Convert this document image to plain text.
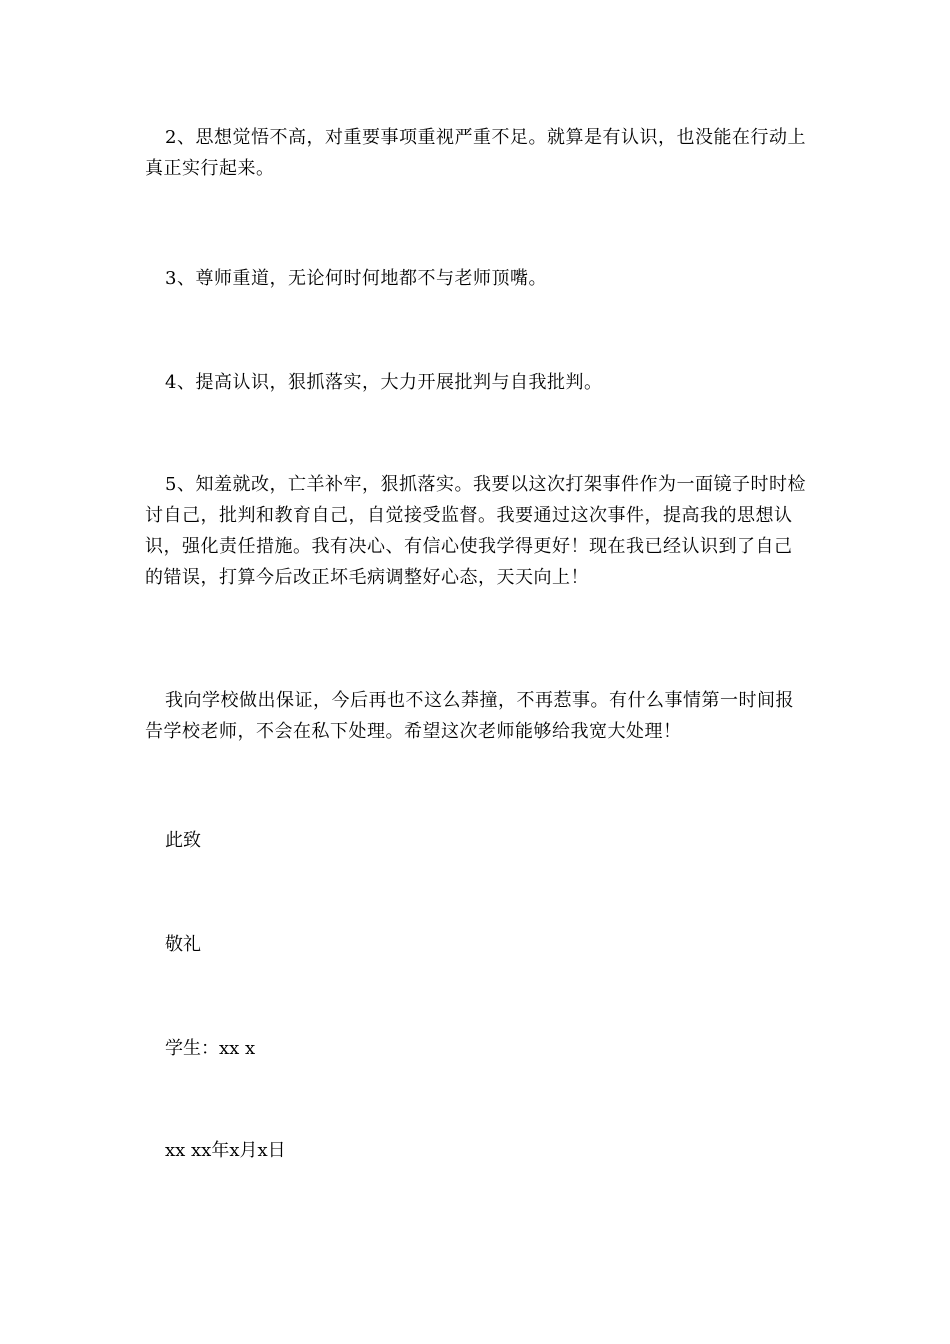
2、思想觉悟不高，对重要事项重视严重不足。就算是有认识，也没能在行动上真正实行起来。

3、尊师重道，无论何时何地都不与老师顶嘴。

4、提高认识，狠抓落实，大力开展批判与自我批判。

5、知羞就改，亡羊补牢，狠抓落实。我要以这次打架事件作为一面镜子时时检讨自己，批判和教育自己，自觉接受监督。我要通过这次事件，提高我的思想认识，强化责任措施。我有决心、有信心使我学得更好！现在我已经认识到了自己的错误，打算今后改正坏毛病调整好心态，天天向上！

我向学校做出保证，今后再也不这么莽撞，不再惹事。有什么事情第一时间报告学校老师，不会在私下处理。希望这次老师能够给我宽大处理！

此致

敬礼

学生：xx x

xx xx年x月x日
